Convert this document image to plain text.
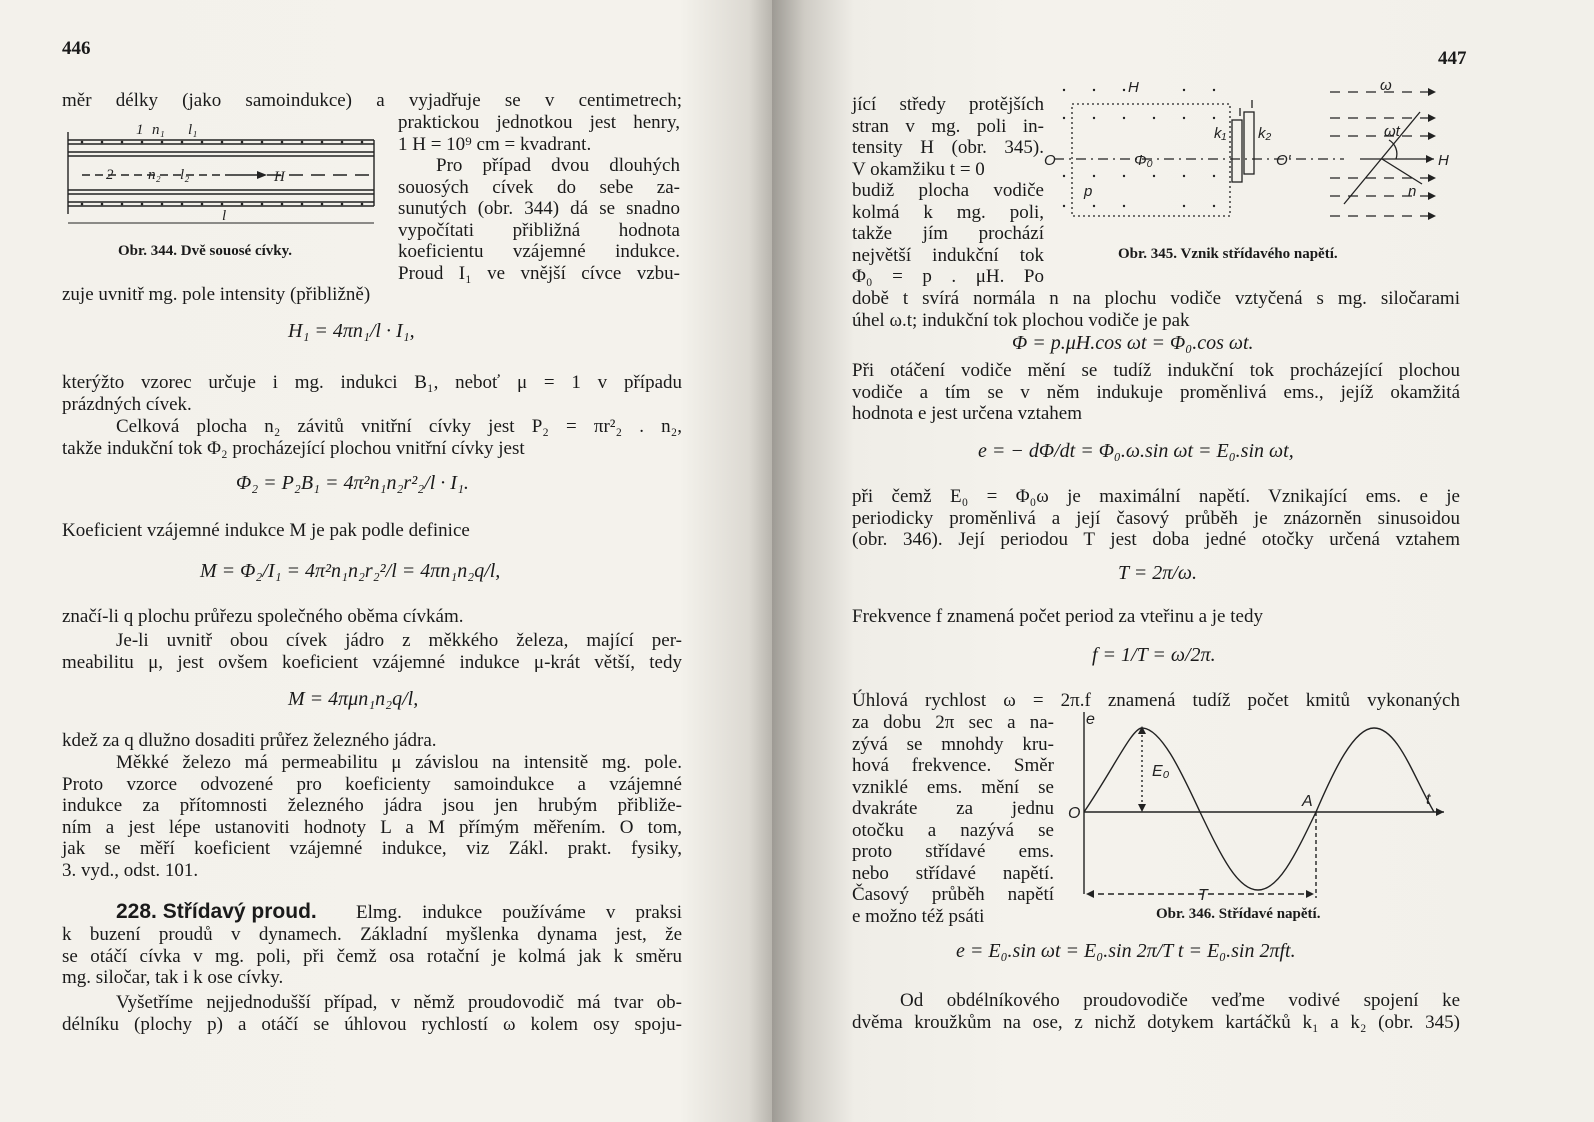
446
měr délky (jako samoindukce) a vyjadřuje se v centimetrech;
1 n₁ l₁
2 n₂ l₂	H
l
Obr. 344. Dvě souosé cívky.
praktickou jednotkou jest henry,
1 H = 10⁹ cm = kvadrant.
Pro případ dvou dlouhých
souosých cívek do sebe za-
sunutých (obr. 344) dá se snadno
vypočítati přibližná hodnota
koeficientu vzájemné indukce.
Proud I₁ ve vnější cívce vzbu-
zuje uvnitř mg. pole intensity (přibližně)
H₁ = 4πn₁/l · I₁,
kterýžto vzorec určuje i mg. indukci B₁, neboť μ = 1 v případu
prázdných cívek.
Celková plocha n₂ závitů vnitřní cívky jest P₂ = πr²₂ . n₂,
takže indukční tok Φ₂ procházející plochou vnitřní cívky jest
Φ₂ = P₂B₁ = 4π²n₁n₂r²₂/l · I₁.
Koeficient vzájemné indukce M je pak podle definice
M = Φ₂/I₁ = 4π²n₁n₂r₂²/l = 4πn₁n₂q/l,
značí-li q plochu průřezu společného oběma cívkám.
Je-li uvnitř obou cívek jádro z měkkého železa, mající per-
meabilitu μ, jest ovšem koeficient vzájemné indukce μ-krát větší, tedy
M = 4πμn₁n₂q/l,
kdež za q dlužno dosaditi průřez železného jádra.
Měkké železo má permeabilitu μ závislou na intensitě mg. pole.
Proto vzorce odvozené pro koeficienty samoindukce a vzájemné
indukce za přítomnosti železného jádra jsou jen hrubým přibliže-
ním a jest lépe ustanoviti hodnoty L a M přímým měřením. O tom,
jak se měří koeficient vzájemné indukce, viz Zákl. prakt. fysiky,
3. vyd., odst. 101.
228. Střídavý proud. Elmg. indukce používáme v praksi
k buzení proudů v dynamech. Základní myšlenka dynama jest, že
se otáčí cívka v mg. poli, při čemž osa rotační je kolmá jak k směru
mg. siločar, tak i k ose cívky.
Vyšetříme nejjednodušší případ, v němž proudovodič má tvar ob-
délníku (plochy p) a otáčí se úhlovou rychlostí ω kolem osy spoju-
447
jící středy protějších
stran v mg. poli in-
tensity H (obr. 345).
V okamžiku t = 0
budiž plocha vodiče
kolmá k mg. poli,
takže jím prochází
největší indukční tok
Φ₀ = p . μH. Po
H
k₁ k₂
O	Φ₀	O'
p
ω
ωt
n
H
Obr. 345. Vznik střídavého napětí.
době t svírá normála n na plochu vodiče vztyčená s mg. siločarami
úhel ω.t; indukční tok plochou vodiče je pak
Φ = p.μH.cos ωt = Φ₀.cos ωt.
Při otáčení vodiče mění se tudíž indukční tok procházející plochou
vodiče a tím se v něm indukuje proměnlivá ems., jejíž okamžitá
hodnota e jest určena vztahem
e = − dΦ/dt = Φ₀.ω.sin ωt = E₀.sin ωt,
při čemž E₀ = Φ₀ω je maximální napětí. Vznikající ems. e je
periodicky proměnlivá a její časový průběh je znázorněn sinusoidou
(obr. 346). Její periodou T jest doba jedné otočky určená vztahem
T = 2π/ω.
Frekvence f znamená počet period za vteřinu a je tedy
f = 1/T = ω/2π.
Úhlová rychlost ω = 2π.f znamená tudíž počet kmitů vykonaných
za dobu 2π sec a na-
zývá se mnohdy kru-
hová frekvence. Směr
vzniklé ems. mění se
dvakráte za jednu
otočku a nazývá se
proto střídavé ems.
nebo střídavé napětí.
Časový průběh napětí
e možno též psáti
e
E₀
O
A	t
T
Obr. 346. Střídavé napětí.
e = E₀.sin ωt = E₀.sin 2π/T t = E₀.sin 2πft.
Od obdélníkového proudovodiče veďme vodivé spojení ke
dvěma kroužkům na ose, z nichž dotykem kartáčků k₁ a k₂ (obr. 345)
